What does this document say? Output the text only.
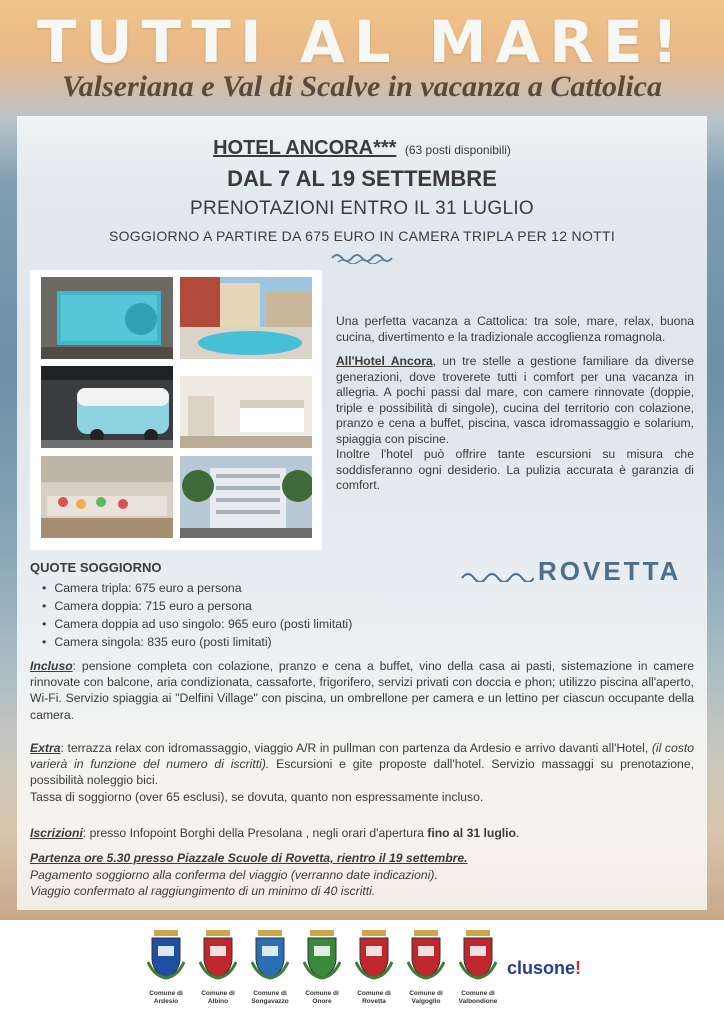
TUTTI AL MARE!
Valseriana e Val di Scalve in vacanza a Cattolica
HOTEL ANCORA*** (63 posti disponibili)
DAL 7 AL 19 SETTEMBRE
PRENOTAZIONI ENTRO IL 31 LUGLIO
SOGGIORNO A PARTIRE DA 675 EURO IN CAMERA TRIPLA PER 12 NOTTI

Una perfetta vacanza a Cattolica: tra sole, mare, relax, buona cucina, divertimento e la tradizionale accoglienza romagnola.

All'Hotel Ancora, un tre stelle a gestione familiare da diverse generazioni, dove troverete tutti i comfort per una vacanza in allegria. A pochi passi dal mare, con camere rinnovate (doppie, triple e possibilità di singole), cucina del territorio con colazione, pranzo e cena a buffet, piscina, vasca idromassaggio e solarium, spiaggia con piscine.
Inoltre l'hotel può offrire tante escursioni su misura che soddisferanno ogni desiderio. La pulizia accurata è garanzia di comfort.

QUOTE SOGGIORNO
• Camera tripla: 675 euro a persona
• Camera doppia: 715 euro a persona
• Camera doppia ad uso singolo: 965 euro (posti limitati)
• Camera singola: 835 euro (posti limitati)
ROVETTA
Incluso: pensione completa con colazione, pranzo e cena a buffet, vino della casa ai pasti, sistemazione in camere rinnovate con balcone, aria condizionata, cassaforte, frigorifero, servizi privati con doccia e phon; utilizzo piscina all'aperto, Wi-Fi. Servizio spiaggia ai "Delfini Village" con piscina, un ombrellone per camera e un lettino per ciascun occupante della camera.
Extra: terrazza relax con idromassaggio, viaggio A/R in pullman con partenza da Ardesio e arrivo davanti all'Hotel, (il costo varierà in funzione del numero di iscritti). Escursioni e gite proposte dall'hotel. Servizio massaggi su prenotazione, possibilità noleggio bici.
Tassa di soggiorno (over 65 esclusi), se dovuta, quanto non espressamente incluso.
Iscrizioni: presso Infopoint Borghi della Presolana , negli orari d'apertura fino al 31 luglio.
Partenza ore 5.30 presso Piazzale Scuole di Rovetta, rientro il 19 settembre.
Pagamento soggiorno alla conferma del viaggio (verranno date indicazioni).
Viaggio confermato al raggiungimento di un minimo di 40 iscritti.
Comune di
Ardesio
Comune di
Albino
Comune di
Songavazzo
Comune di
Onore
Comune di
Rovetta
Comune di
Valgoglio
Comune di
Valbondione
clusone!
